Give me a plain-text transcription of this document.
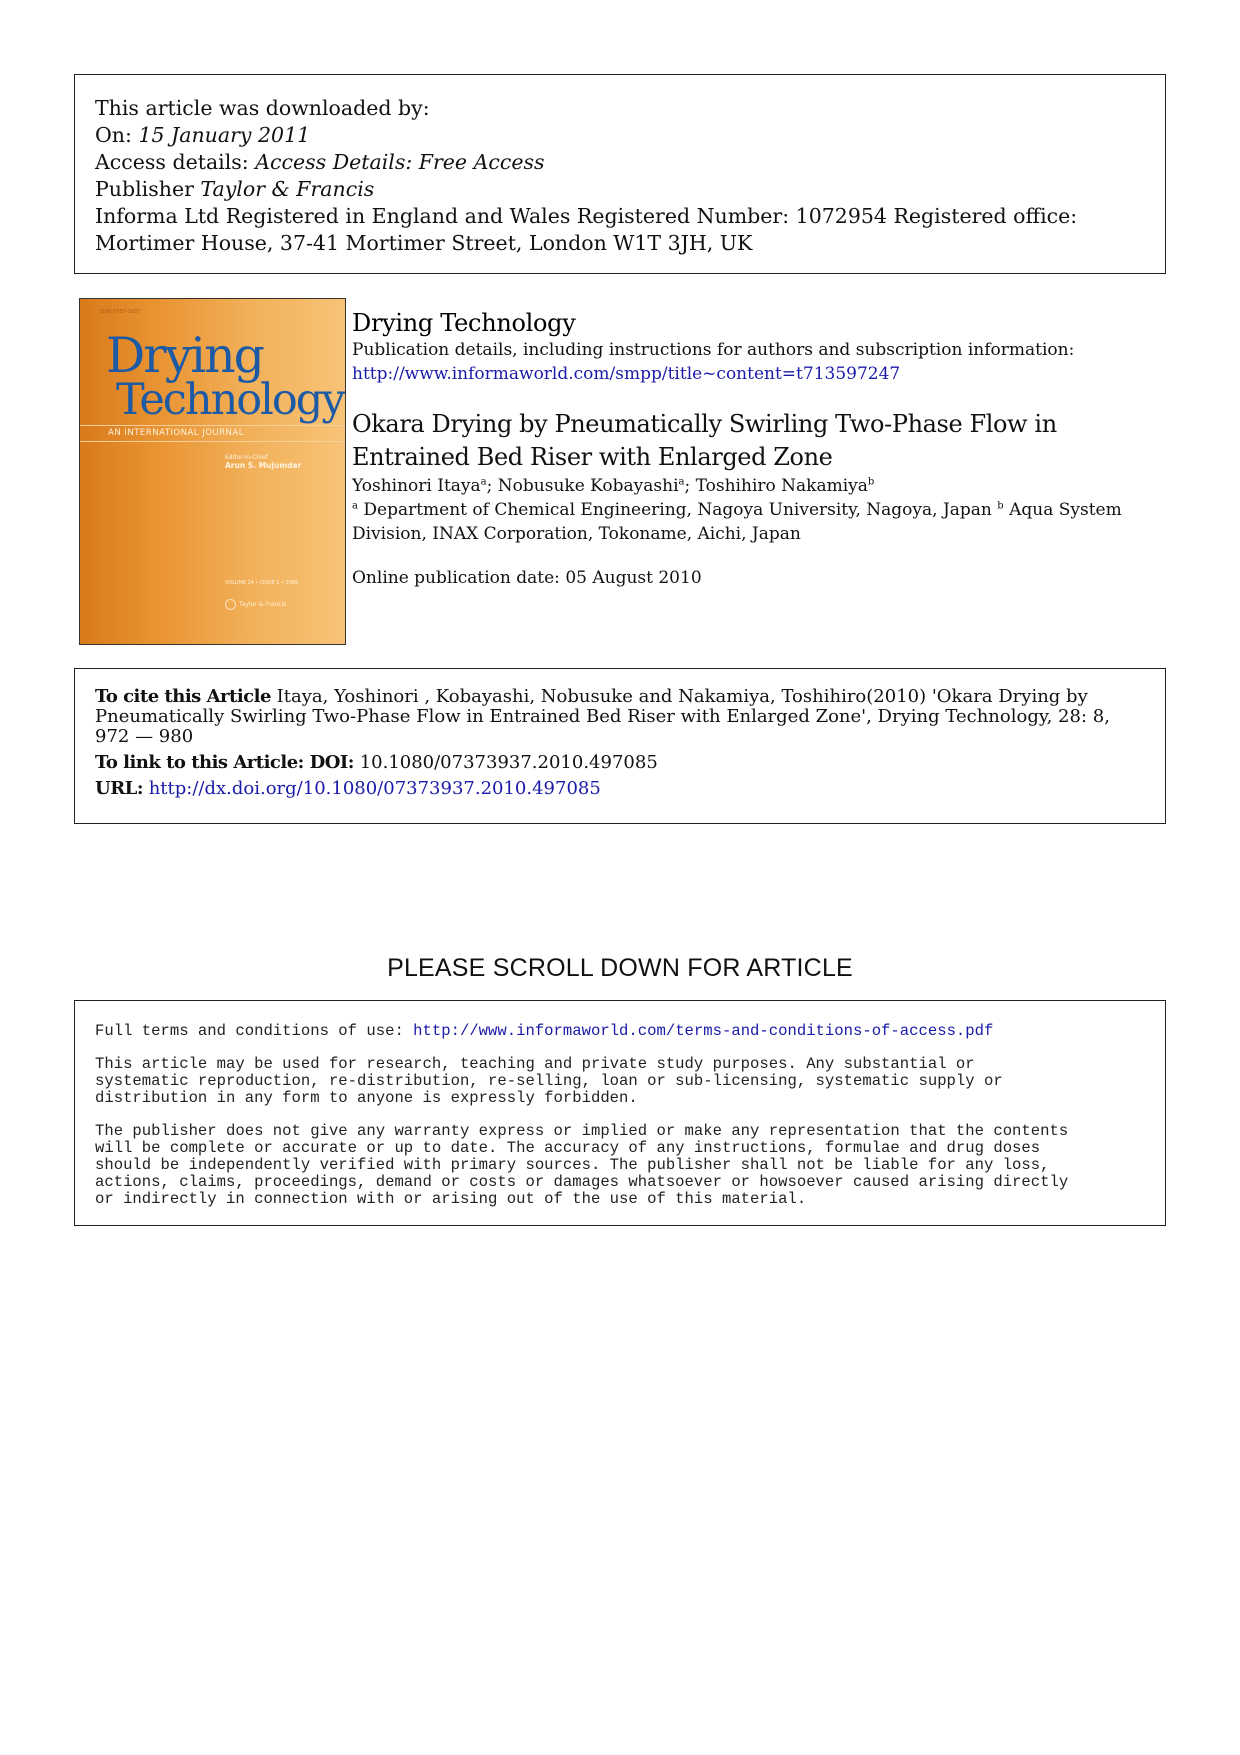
This article was downloaded by:
On: 15 January 2011
Access details: Access Details: Free Access
Publisher Taylor & Francis
Informa Ltd Registered in England and Wales Registered Number: 1072954 Registered office: Mortimer House, 37-41 Mortimer Street, London W1T 3JH, UK
ISSN 0737-3937
Drying
Technology
AN INTERNATIONAL JOURNAL
Editor-in-Chief
Arun S. Mujumdar
VOLUME 24 • ISSUE 1 • 2006
Taylor & Francis
Drying Technology
Publication details, including instructions for authors and subscription information:
http://www.informaworld.com/smpp/title~content=t713597247
Okara Drying by Pneumatically Swirling Two-Phase Flow in Entrained Bed Riser with Enlarged Zone
Yoshinori Itaya$^a$; Nobusuke Kobayashi$^a$; Toshihiro Nakamiya$^b$
$^a$ Department of Chemical Engineering, Nagoya University, Nagoya, Japan $^b$ Aqua System Division, INAX Corporation, Tokoname, Aichi, Japan
Online publication date: 05 August 2010
To cite this Article Itaya, Yoshinori , Kobayashi, Nobusuke and Nakamiya, Toshihiro(2010) 'Okara Drying by Pneumatically Swirling Two-Phase Flow in Entrained Bed Riser with Enlarged Zone', Drying Technology, 28: 8, 972 — 980
To link to this Article: DOI: 10.1080/07373937.2010.497085
URL: http://dx.doi.org/10.1080/07373937.2010.497085
PLEASE SCROLL DOWN FOR ARTICLE

Full terms and conditions of use: http://www.informaworld.com/terms-and-conditions-of-access.pdf

This article may be used for research, teaching and private study purposes. Any substantial or
systematic reproduction, re-distribution, re-selling, loan or sub-licensing, systematic supply or
distribution in any form to anyone is expressly forbidden.

The publisher does not give any warranty express or implied or make any representation that the contents
will be complete or accurate or up to date. The accuracy of any instructions, formulae and drug doses
should be independently verified with primary sources. The publisher shall not be liable for any loss,
actions, claims, proceedings, demand or costs or damages whatsoever or howsoever caused arising directly
or indirectly in connection with or arising out of the use of this material.
